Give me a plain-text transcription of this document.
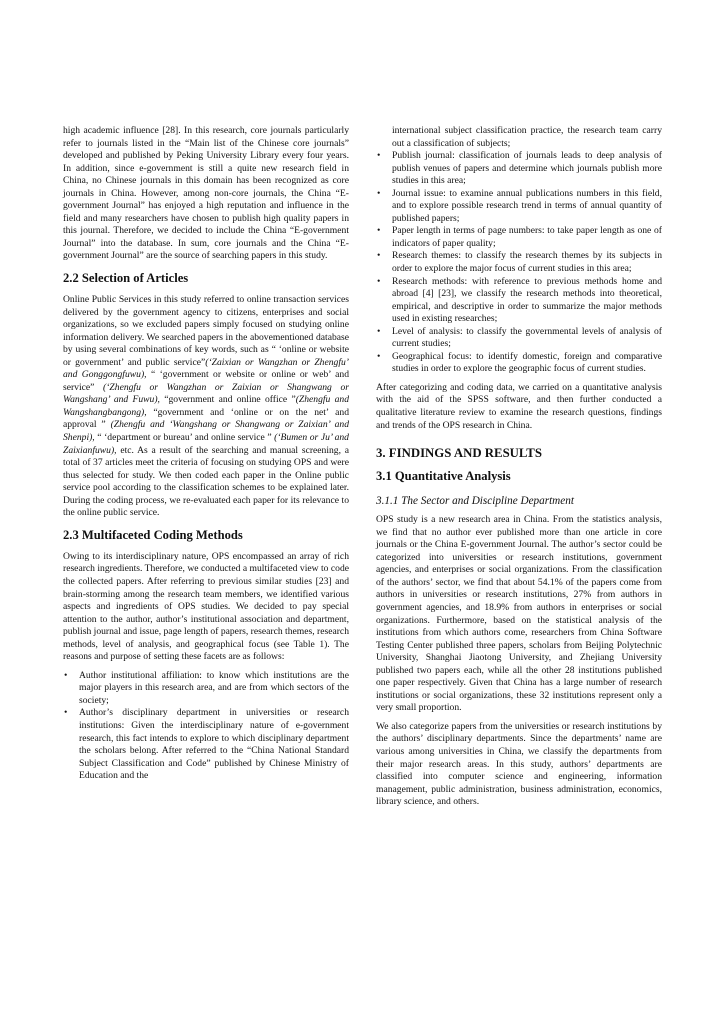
high academic influence [28]. In this research, core journals particularly refer to journals listed in the “Main list of the Chinese core journals” developed and published by Peking University Library every four years. In addition, since e-government is still a quite new research field in China, no Chinese journals in this domain has been recognized as core journals in China. However, among non-core journals, the China “E-government Journal” has enjoyed a high reputation and influence in the field and many researchers have chosen to publish high quality papers in this journal. Therefore, we decided to include the China “E-government Journal” into the database. In sum, core journals and the China “E-government Journal” are the source of searching papers in this study.

2.2 Selection of Articles

Online Public Services in this study referred to online transaction services delivered by the government agency to citizens, enterprises and social organizations, so we excluded papers simply focused on studying online information delivery. We searched papers in the abovementioned database by using several combinations of key words, such as “ ‘online or website or government’ and public service”(‘Zaixian or Wangzhan or Zhengfu’ and Gonggongfuwu), “ ‘government or website or online or web’ and service” (‘Zhengfu or Wangzhan or Zaixian or Shangwang or Wangshang’ and Fuwu), “government and online office ”(Zhengfu and Wangshangbangong), “government and ‘online or on the net’ and approval ” (Zhengfu and ‘Wangshang or Shangwang or Zaixian’ and Shenpi), “ ‘department or bureau’ and online service ” (‘Bumen or Ju’ and Zaixianfuwu), etc. As a result of the searching and manual screening, a total of 37 articles meet the criteria of focusing on studying OPS and were thus selected for study. We then coded each paper in the Online public service pool according to the classification schemes to be explained later. During the coding process, we re-evaluated each paper for its relevance to the online public service.

2.3 Multifaceted Coding Methods

Owing to its interdisciplinary nature, OPS encompassed an array of rich research ingredients. Therefore, we conducted a multifaceted view to code the collected papers. After referring to previous similar studies [23] and brain-storming among the research team members, we identified various aspects and ingredients of OPS studies. We decided to pay special attention to the author, author’s institutional association and department, publish journal and issue, page length of papers, research themes, research methods, level of analysis, and geographical focus (see Table 1). The reasons and purpose of setting these facets are as follows:

• Author institutional affiliation: to know which institutions are the major players in this research area, and are from which sectors of the society;
• Author’s disciplinary department in universities or research institutions: Given the interdisciplinary nature of e-government research, this fact intends to explore to which disciplinary department the scholars belong. After referred to the “China National Standard Subject Classification and Code” published by Chinese Ministry of Education and the
international subject classification practice, the research team carry out a classification of subjects;
• Publish journal: classification of journals leads to deep analysis of publish venues of papers and determine which journals publish more studies in this area;
• Journal issue: to examine annual publications numbers in this field, and to explore possible research trend in terms of annual quantity of published papers;
• Paper length in terms of page numbers: to take paper length as one of indicators of paper quality;
• Research themes: to classify the research themes by its subjects in order to explore the major focus of current studies in this area;
• Research methods: with reference to previous methods home and abroad [4] [23], we classify the research methods into theoretical, empirical, and descriptive in order to summarize the major methods used in existing researches;
• Level of analysis: to classify the governmental levels of analysis of current studies;
• Geographical focus: to identify domestic, foreign and comparative studies in order to explore the geographic focus of current studies.

After categorizing and coding data, we carried on a quantitative analysis with the aid of the SPSS software, and then further conducted a qualitative literature review to examine the research questions, findings and trends of the OPS research in China.

3. FINDINGS AND RESULTS
3.1 Quantitative Analysis
3.1.1 The Sector and Discipline Department

OPS study is a new research area in China. From the statistics analysis, we find that no author ever published more than one article in core journals or the China E-government Journal. The author’s sector could be categorized into universities or research institutions, government agencies, and enterprises or social organizations. From the classification of the authors’ sector, we find that about 54.1% of the papers come from authors in universities or research institutions, 27% from authors in government agencies, and 18.9% from authors in enterprises or social organizations. Furthermore, based on the statistical analysis of the institutions from which authors come, researchers from China Software Testing Center published three papers, scholars from Beijing Polytechnic University, Shanghai Jiaotong University, and Zhejiang University published two papers each, while all the other 28 institutions published one paper respectively. Given that China has a large number of research institutions or social organizations, these 32 institutions represent only a very small proportion.

We also categorize papers from the universities or research institutions by the authors’ disciplinary departments. Since the departments’ name are various among universities in China, we classify the departments from their major research areas. In this study, authors’ departments are classified into computer science and engineering, information management, public administration, business administration, economics, library science, and others.
